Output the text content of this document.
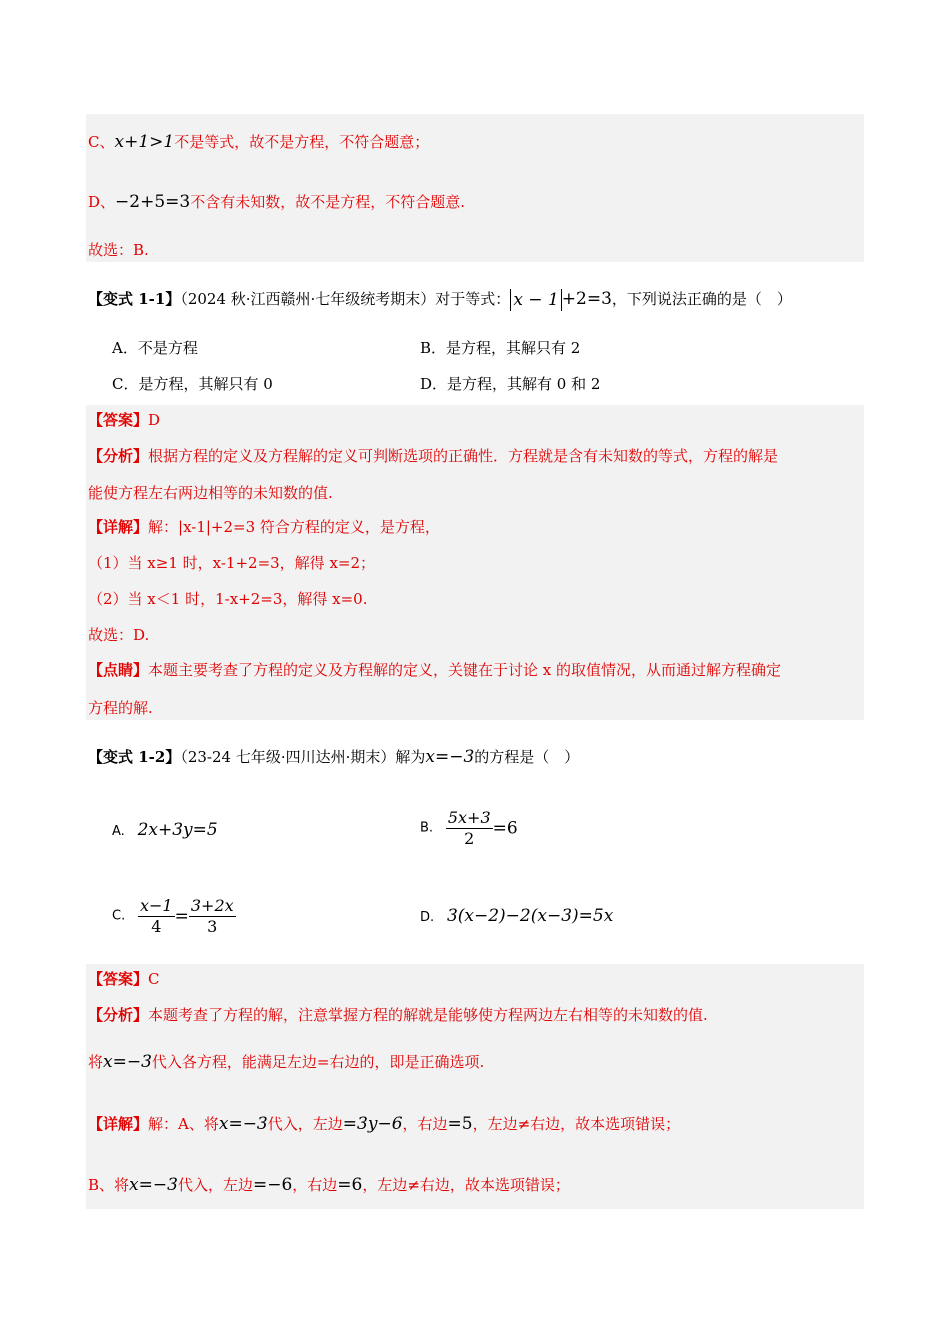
C、x+1>1不是等式，故不是方程，不符合题意；
D、−2+5=3不含有未知数，故不是方程，不符合题意.
故选：B.
【变式 1-1】（2024 秋·江西赣州·七年级统考期末）对于等式： x − 1 +2=3，下列说法正确的是（　）
A．不是方程	B．是方程，其解只有 2
C．是方程，其解只有 0	D．是方程，其解有 0 和 2
【答案】D
【分析】根据方程的定义及方程解的定义可判断选项的正确性．方程就是含有未知数的等式，方程的解是
能使方程左右两边相等的未知数的值.
【详解】解：|x-1|+2=3 符合方程的定义，是方程，
（1）当 x≥1 时，x-1+2=3，解得 x=2；
（2）当 x＜1 时，1-x+2=3，解得 x=0.
故选：D.
【点睛】本题主要考查了方程的定义及方程解的定义，关键在于讨论 x 的取值情况，从而通过解方程确定
方程的解.
【变式 1-2】（23-24 七年级·四川达州·期末）解为x=−3的方程是（　）
A. 2x+3y=5	B. $\frac{5x+3}{2} =6$
C. $\frac{x-1}{4} = \frac{3+2x}{3}$	D. 3(x−2)−2(x−3)=5x
【答案】C
【分析】本题考查了方程的解，注意掌握方程的解就是能够使方程两边左右相等的未知数的值.
将x=−3代入各方程，能满足左边=右边的，即是正确选项.
【详解】解：A、将x=−3代入，左边=3y−6，右边=5，左边≠右边，故本选项错误；
B、将x=−3代入，左边=−6，右边=6，左边≠右边，故本选项错误；
